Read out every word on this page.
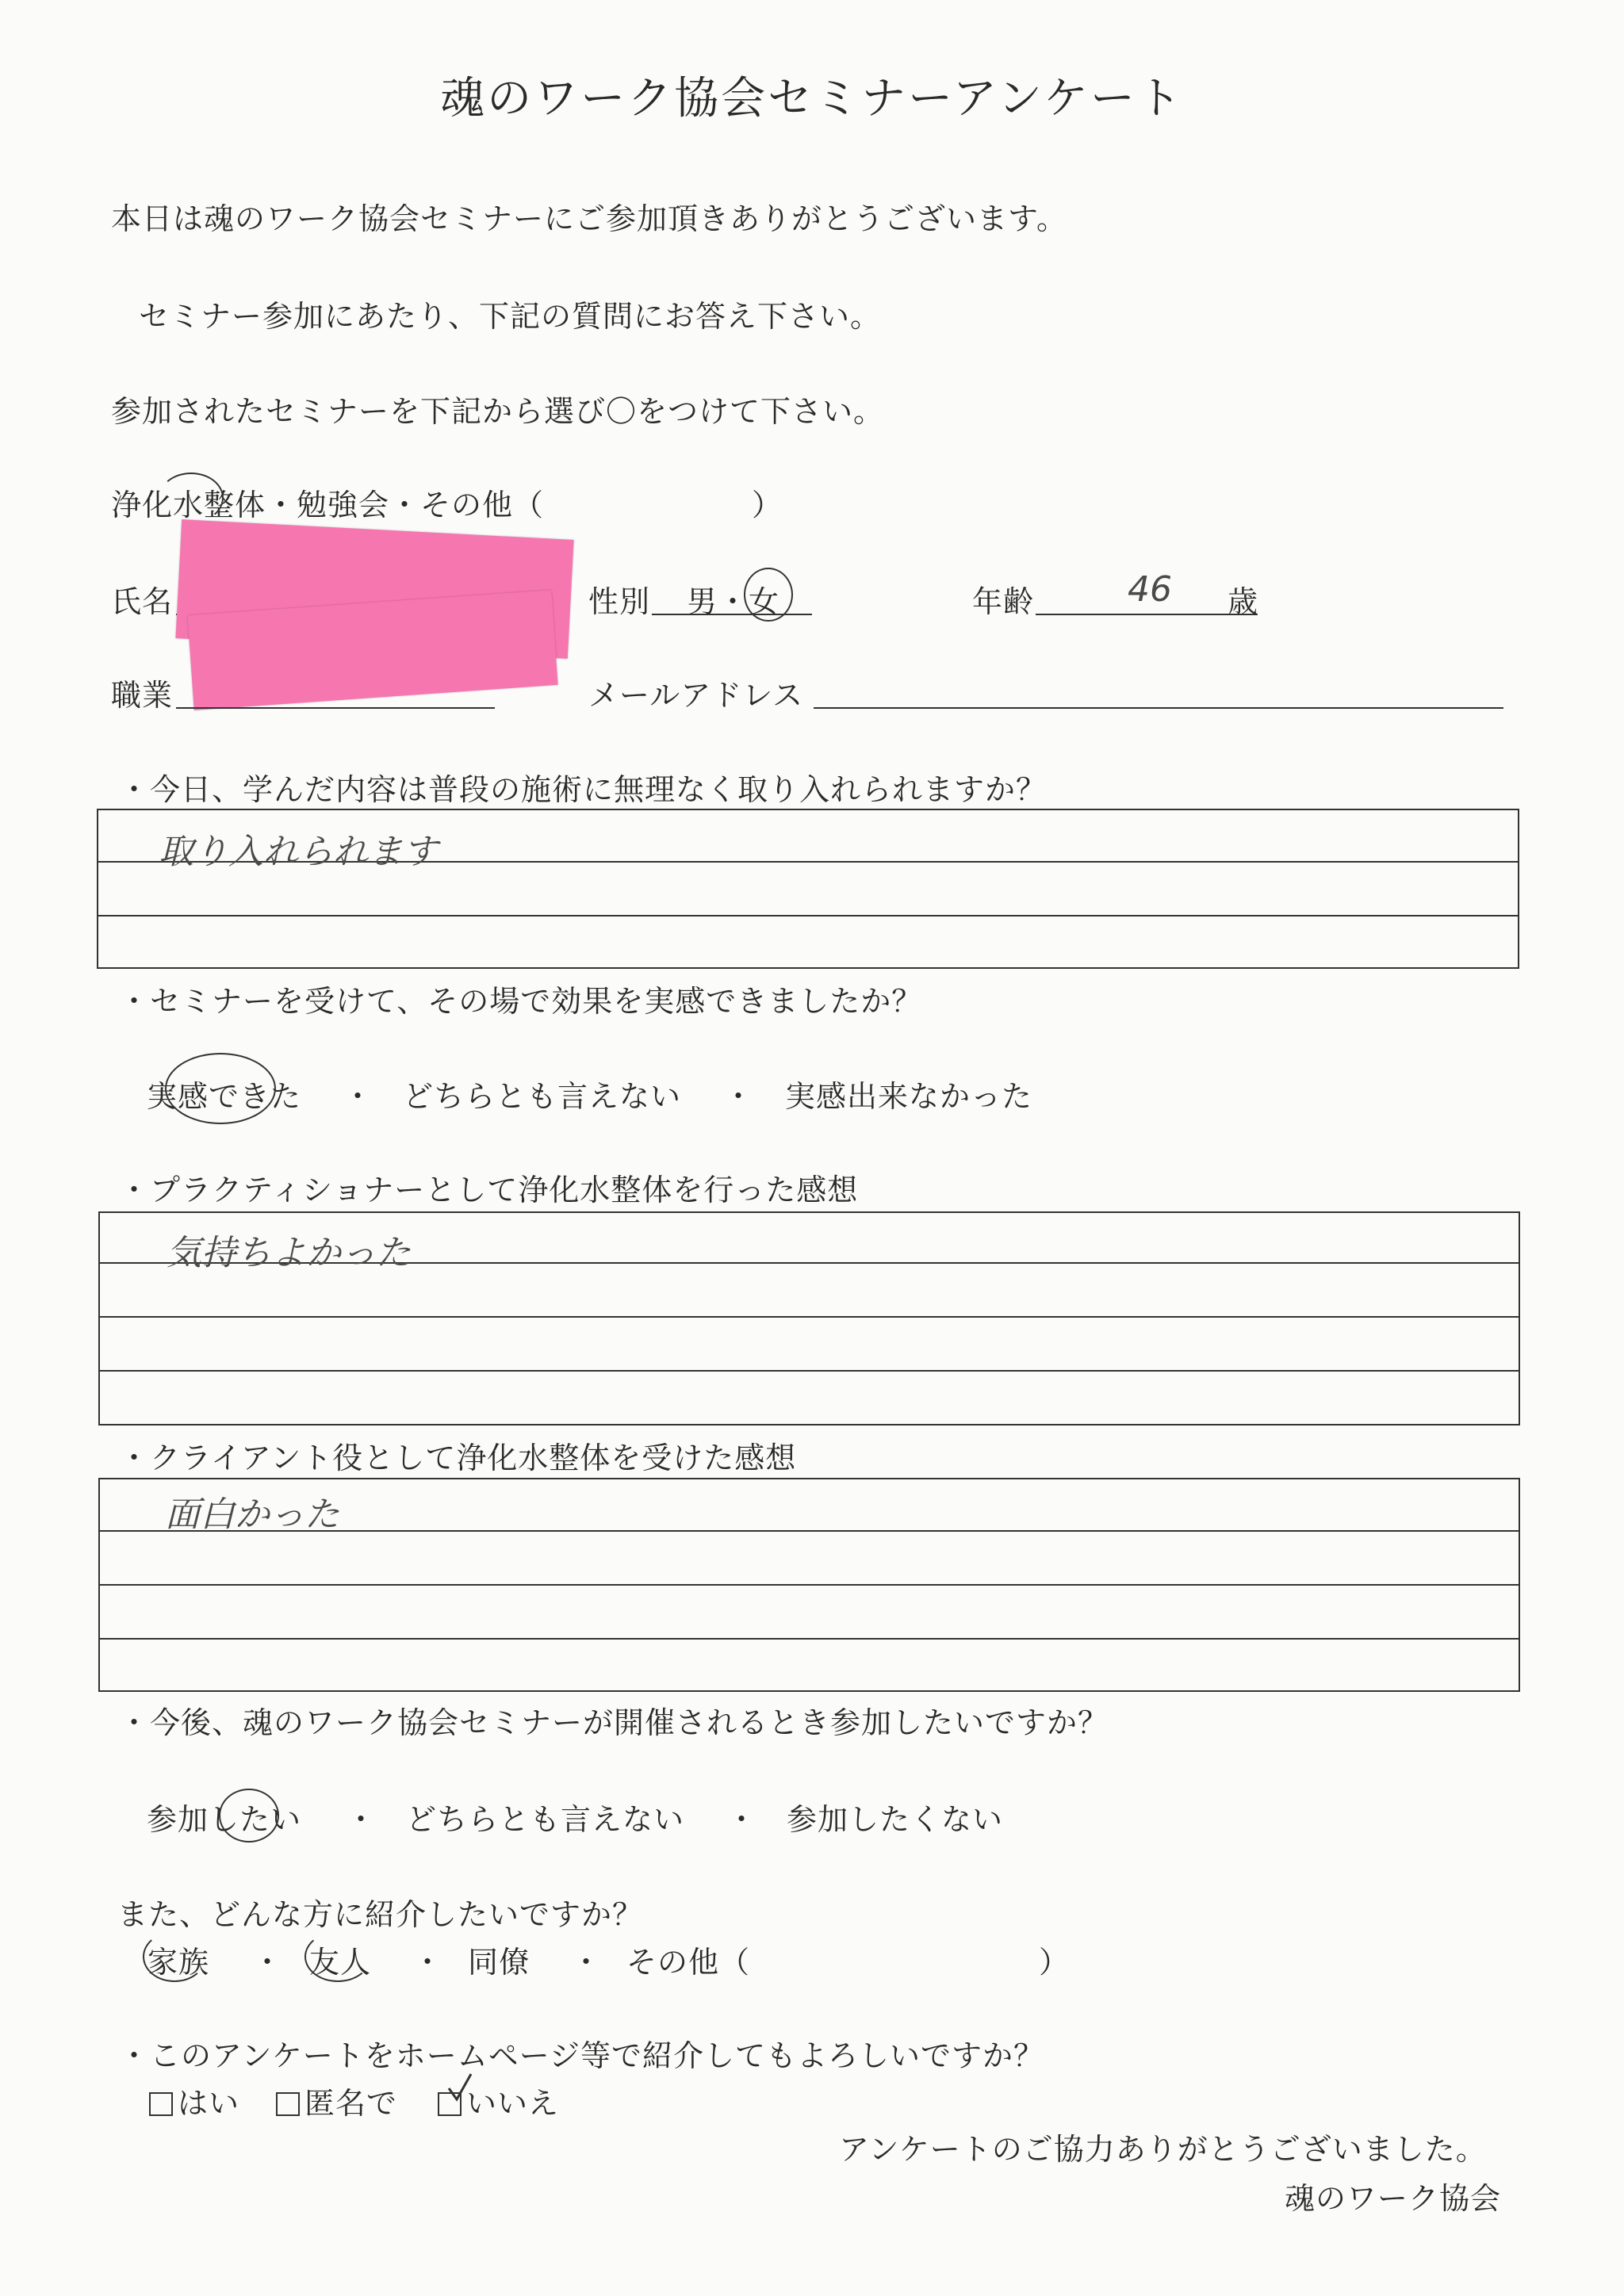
魂のワーク協会セミナーアンケート
本日は魂のワーク協会セミナーにご参加頂きありがとうございます。
セミナー参加にあたり、下記の質問にお答え下さい。
参加されたセミナーを下記から選び〇をつけて下さい。
浄化水整体・勉強会・その他（	）
氏名	性別 男・女	年齢	46 歳
職業	メールアドレス
・今日、学んだ内容は普段の施術に無理なく取り入れられますか？
取り入れられます
・セミナーを受けて、その場で効果を実感できましたか？
実感できた ・ どちらとも言えない ・ 実感出来なかった
・プラクティショナーとして浄化水整体を行った感想
気持ちよかった
・クライアント役として浄化水整体を受けた感想
面白かった
・今後、魂のワーク協会セミナーが開催されるとき参加したいですか？
参加したい ・ どちらとも言えない ・ 参加したくない
また、どんな方に紹介したいですか？
家族 ・ 友人 ・ 同僚 ・ その他（	）
・このアンケートをホームページ等で紹介してもよろしいですか？
はい	匿名で	いいえ
アンケートのご協力ありがとうございました。
魂のワーク協会
